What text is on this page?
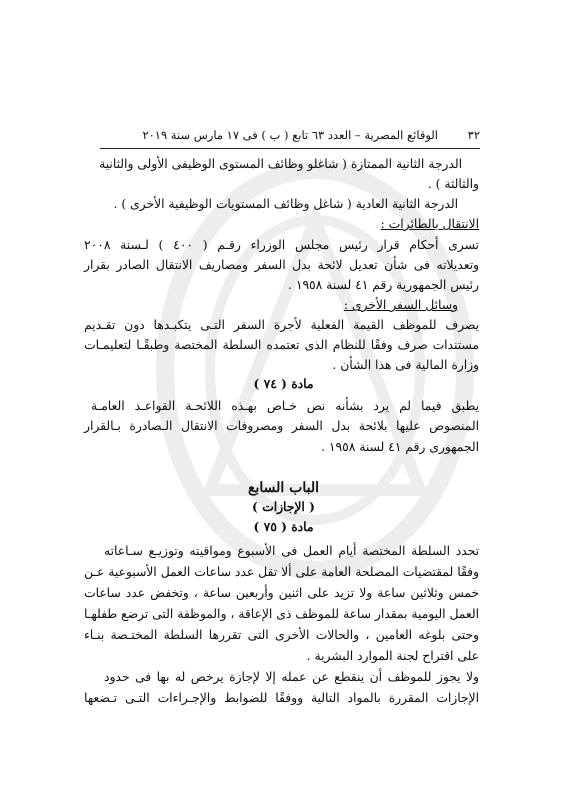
٣٢
الوقائع المصرية – العدد ٦٣ تابع ( ب ) فى ١٧ مارس سنة ٢٠١٩
الدرجة الثانية الممتازة ( شاغلو وظائف المستوى الوظيفى الأولى والثانية
والثالثة ) .
الدرجة الثانية العادية ( شاغل وظائف المستويات الوظيفية الأخرى ) .
الانتقال بالطائرات :
تسرى أحكام قرار رئيس مجلس الوزراء رقـم ( ٤٠٠ ) لـسنة ٢٠٠٨
وتعديلاته فى شأن تعديل لائحة بدل السفر ومصاريف الانتقال الصادر بقرار
رئيس الجمهورية رقم ٤١ لسنة ١٩٥٨ .
وسائل السفر الأخرى :
يصرف للموظف القيمة الفعلية لأجرة السفر التـى يتكبـدها دون تقـديم
مستندات صرف وفقًا للنظام الذى تعتمده السلطة المختصة وطبقًـا لتعليمـات
وزارة المالية فى هذا الشأن .
مادة ( ٧٤ )
يطبق فيما لم يرد بشأنه نص خـاص بهـذه اللائحـة القواعـد العامـة
المنصوص عليها بلائحة بدل السفر ومصروفات الانتقال الـصادرة بـالقرار
الجمهورى رقم ٤١ لسنة ١٩٥٨ .
الباب السابع
( الإجازات )
مادة ( ٧٥ )
تحدد السلطة المختصة أيام العمل فى الأسبوع ومواقيته وتوزيـع سـاعاته
وفقًا لمقتضيات المصلحة العامة على ألا تقل عدد ساعات العمل الأسبوعية عـن
خمس وثلاثين ساعة ولا تزيد على اثنين وأربعين ساعة ، وتخفض عدد ساعات
العمل اليومية بمقدار ساعة للموظف ذى الإعاقة ، والموظفة التى ترضع طفلهـا
وحتى بلوغه العامين ، والحالات الأخرى التى تقررها السلطة المختـصة بنـاء
على اقتراح لجنة الموارد البشرية .
ولا يجوز للموظف أن ينقطع عن عمله إلا لإجازة يرخص له بها فى حدود
الإجازات المقررة بالمواد التالية ووفقًا للضوابط والإجـراءات التـى تـضعها
